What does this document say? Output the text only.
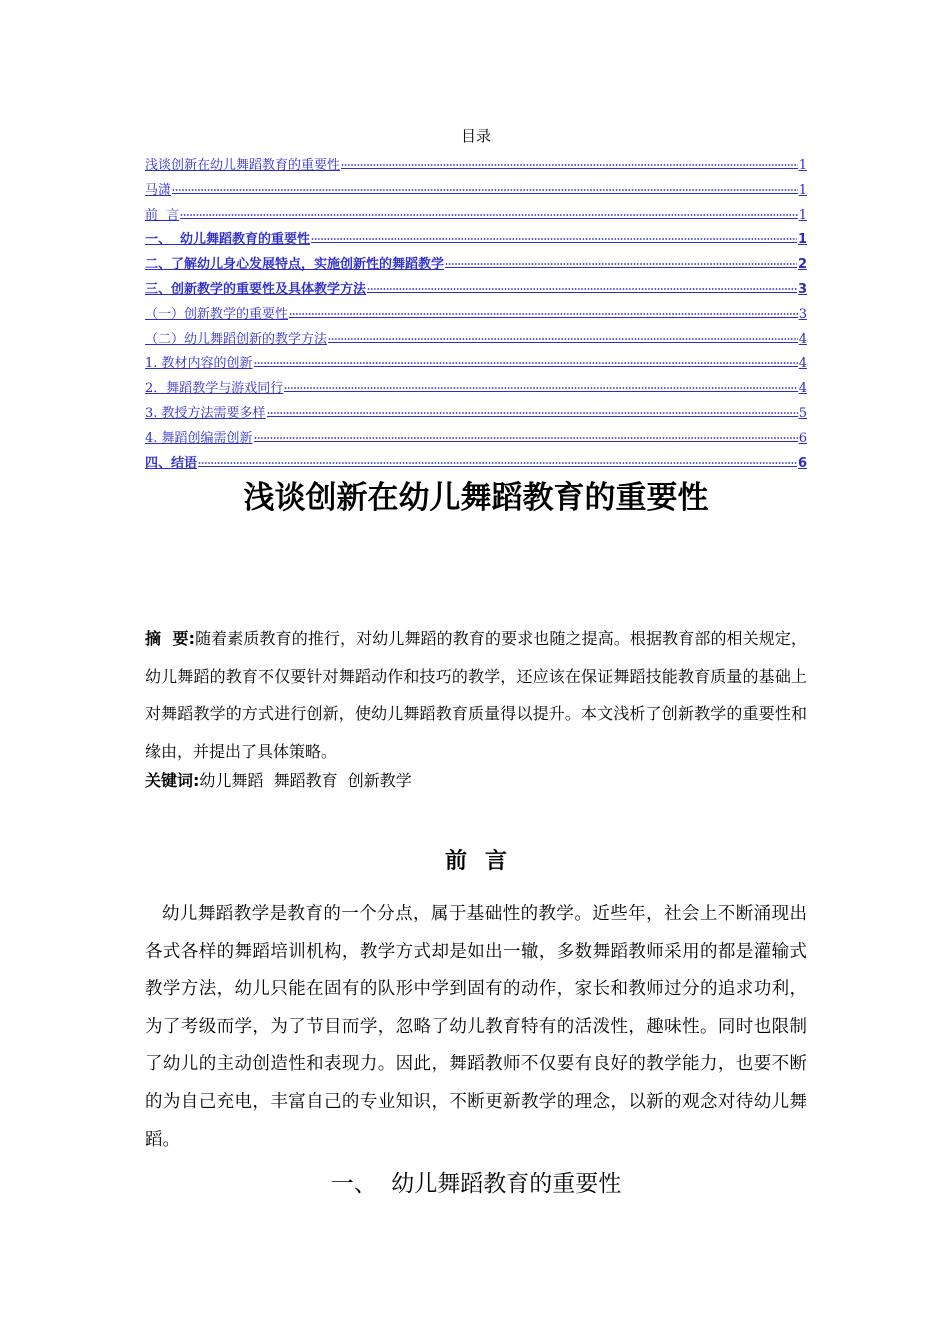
目录
浅谈创新在幼儿舞蹈教育的重要性	1
马潇	1
前  言	1
一、  幼儿舞蹈教育的重要性	1
二、了解幼儿身心发展特点，实施创新性的舞蹈教学	2
三、创新教学的重要性及具体教学方法	3
（一）创新教学的重要性	3
（二）幼儿舞蹈创新的教学方法	4
1. 教材内容的创新	4
2．舞蹈教学与游戏同行	4
3. 教授方法需要多样	5
4. 舞蹈创编需创新	6
四、结语	6
浅谈创新在幼儿舞蹈教育的重要性
摘  要:随着素质教育的推行，对幼儿舞蹈的教育的要求也随之提高。根据教育部的相关规定，幼儿舞蹈的教育不仅要针对舞蹈动作和技巧的教学，还应该在保证舞蹈技能教育质量的基础上对舞蹈教学的方式进行创新，使幼儿舞蹈教育质量得以提升。本文浅析了创新教学的重要性和缘由，并提出了具体策略。
关键词:幼儿舞蹈  舞蹈教育  创新教学
前言

幼儿舞蹈教学是教育的一个分点，属于基础性的教学。近些年，社会上不断涌现出各式各样的舞蹈培训机构，教学方式却是如出一辙，多数舞蹈教师采用的都是灌输式教学方法，幼儿只能在固有的队形中学到固有的动作，家长和教师过分的追求功利，为了考级而学，为了节目而学，忽略了幼儿教育特有的活泼性，趣味性。同时也限制了幼儿的主动创造性和表现力。因此，舞蹈教师不仅要有良好的教学能力，也要不断的为自己充电，丰富自己的专业知识，不断更新教学的理念，以新的观念对待幼儿舞蹈。

一、  幼儿舞蹈教育的重要性
